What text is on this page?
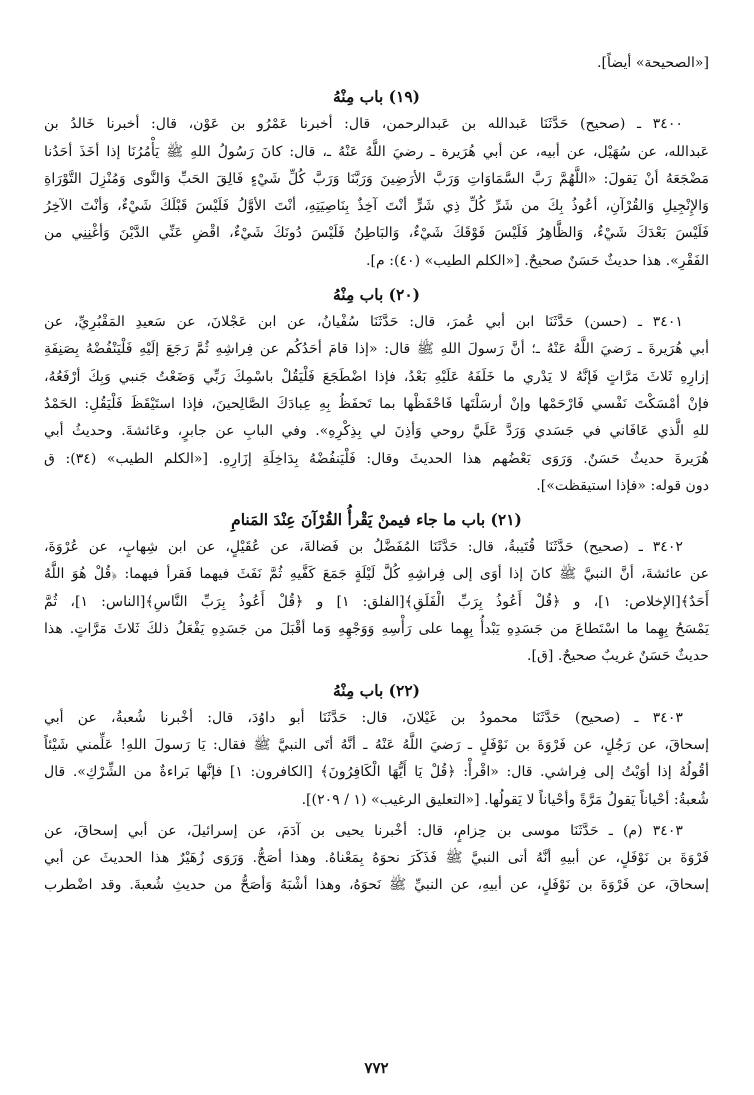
[«الصحيحة» أيضاً].

(١٩) باب مِنْهُ

٣٤٠٠ ـ (صحيح) حَدَّثَنَا عَبدالله بن عَبدالرحمن، قال: أخبرنا عَمْرُو بن عَوْن، قال: أخبرنا خَالدُ بن

عَبدالله، عن سُهَيْل، عن أبيه، عن أبي هُرَيرة ـ رضيَ اللَّهُ عَنْهُ ـ، قال: كانَ رَسُولُ اللهِ ﷺ يَأْمُرُنَا إذا أخَذَ أحَدُنا

مَضْجَعَهُ أنْ يَقولَ: «اللَّهُمَّ رَبَّ السَّمَاوَاتِ وَرَبَّ الأرَضِينَ وَرَبَّنَا وَرَبَّ كُلِّ شَيْءٍ فَالِقَ الحَبِّ وَالنَّوى وَمُنْزِلَ التَّوْرَاةِ

وَالإِنْجِيلِ وَالقُرْآنِ، أعُوذُ بِكَ من شَرِّ كُلِّ ذِي شَرٍّ أنْتَ آخِذٌ بِنَاصِيَتِهِ، أنْتَ الأوَّلُ فَلَيْسَ قَبْلَكَ شَيْءٌ، وَأنْتَ الآخِرُ

فَلَيْسَ بَعْدَكَ شَيْءٌ، وَالظَّاهِرُ فَلَيْسَ فَوْقَكَ شَيْءٌ، وَالبَاطِنُ فَلَيْسَ دُونَكَ شَيْءٌ، اقْضِ عَنِّي الدَّيْنَ وَأغْنِنِي من

الفَقْرِ». هذا حديثٌ حَسَنٌ صحيحٌ. [«الكلم الطيب» (٤٠): م].

(٢٠) باب مِنْهُ

٣٤٠١ ـ (حسن) حَدَّثَنَا ابن أبي عُمرَ، قال: حَدَّثَنَا سُفْيانُ، عن ابن عَجْلانَ، عن سَعيدِ المَقْبُرِيِّ، عن

أبي هُرَيرةَ ـ رَضيَ اللَّهُ عَنْهُ ـ؛ أنَّ رَسولَ اللهِ ﷺ قال: «إذا قامَ أحَدُكُم عن فِراشِهِ ثُمَّ رَجَعَ إلَيْهِ فَلْيَنْفُضْهُ بِصَنِفَةِ

إزارِهِ ثَلاثَ مَرَّاتٍ فَإنَّهُ لا يَدْري ما خَلَفَهُ عَلَيْهِ بَعْدُ، فإذا اضْطَجَعَ فَلْيَقُلْ باسْمِكَ رَبِّي وَضَعْتُ جَنبي وَبِكَ أرْفَعُهُ،

فإنْ أمْسَكْتَ نَفْسي فَارْحَمْها وإنْ أرسَلْتَها فَاحْفَظْها بما تَحفَظُ بِهِ عِبادَكَ الصَّالِحينَ، فإذا استَيْقَظَ فَلْيَقُلِ: الحَمْدُ

للهِ الَّذي عَافَاني في جَسَدي وَرَدَّ عَلَيَّ روحي وَأذِنَ لي بِذِكْرِهِ». وفي البابِ عن جابرٍ، وعَائشةَ. وحديثُ أبي

هُرَيرةَ حديثٌ حَسَنٌ. وَرَوَى بَعْضُهم هذا الحديثَ وقال: فَلْيَنفُضْهُ بِدَاخِلَةِ إزَارِهِ. [«الكلم الطيب» (٣٤): ق

دون قوله: «فإذا استيقظت»].

(٢١) باب ما جاء فيمنْ يَقْرأُ القُرْآنَ عِنْدَ المَنامِ

٣٤٠٢ ـ (صحيح) حَدَّثَنَا قُتَيبةُ، قال: حَدَّثَنَا المُفَضَّلُ بن فَضالةَ، عن عُقَيْلٍ، عن ابن شِهابٍ، عن عُرْوَةَ،

عن عائشةَ، أنَّ النبيَّ ﷺ كانَ إذا أوَى إلى فِراشِهِ كُلَّ لَيْلَةٍ جَمَعَ كَفَّيهِ ثُمَّ نَفَثَ فيهما فَقرأ فيهما: ﴿قُلْ هُوَ اللَّهُ

أَحَدٌ﴾[الإخلاص: ١]، و ﴿قُلْ أَعُوذُ بِرَبِّ الْفَلَقِ﴾[الفلق: ١] و ﴿قُلْ أَعُوذُ بِرَبِّ النَّاسِ﴾[الناس: ١]، ثُمَّ

يَمْسَحُ بِهِما ما اسْتَطاعَ من جَسَدِهِ يَبْدأُ بِهِما على رَأْسِهِ وَوَجْهِهِ وَما أقْبَلَ من جَسَدِهِ يَفْعَلُ ذلكَ ثَلاثَ مَرَّاتٍ. هذا

حديثٌ حَسَنٌ غريبٌ صحيحٌ. [ق].

(٢٢) باب مِنْهُ

٣٤٠٣ ـ (صحيح) حَدَّثَنَا محمودُ بن غَيْلانَ، قال: حَدَّثَنَا أبو داوُدَ، قال: أخْبرنا شُعبةُ، عن أبي

إسحاقَ، عن رَجُلٍ، عن فَرْوَةَ بن نَوْفَلٍ ـ رَضيَ اللَّهُ عَنْهُ ـ أنَّهُ أتَى النبيَّ ﷺ فقال: يَا رَسولَ اللهِ! عَلِّمني شَيْئاً

أقُولُهُ إذا أوَيْتُ إلى فِراشي. قال: «اقْرأْ: ﴿قُلْ يَا أَيُّهَا الْكَافِرُونَ﴾ [الكافرون: ١] فإنَّها بَراءةٌ من الشِّرْكِ». قال

شُعبةُ: أحْياناً يَقولُ مَرَّةً وأحْياناً لا يَقولُها. [«التعليق الرغيب» (١ / ٢٠٩)].

٣٤٠٣ (م) ـ حَدَّثَنَا موسى بن حِزامٍ، قال: أخْبرنا يحيى بن آدَمَ، عن إسرائيلَ، عن أبي إسحاقَ، عن

فَرْوَةَ بن نَوْفَلٍ، عن أبيهِ أنَّهُ أتى النبيَّ ﷺ فَذَكَرَ نحوَهُ بِمَعْناهُ. وهذا أصَحُّ. وَرَوَى زُهَيْرٌ هذا الحديثَ عن أبي

إسحاقَ، عن فَرْوَةَ بن نَوْفَلٍ، عن أبيهِ، عن النبيِّ ﷺ نَحوَهُ، وهذا أشْبَهُ وَأصَحُّ من حديثِ شُعبةَ. وقد اضْطرب

٧٧٢
